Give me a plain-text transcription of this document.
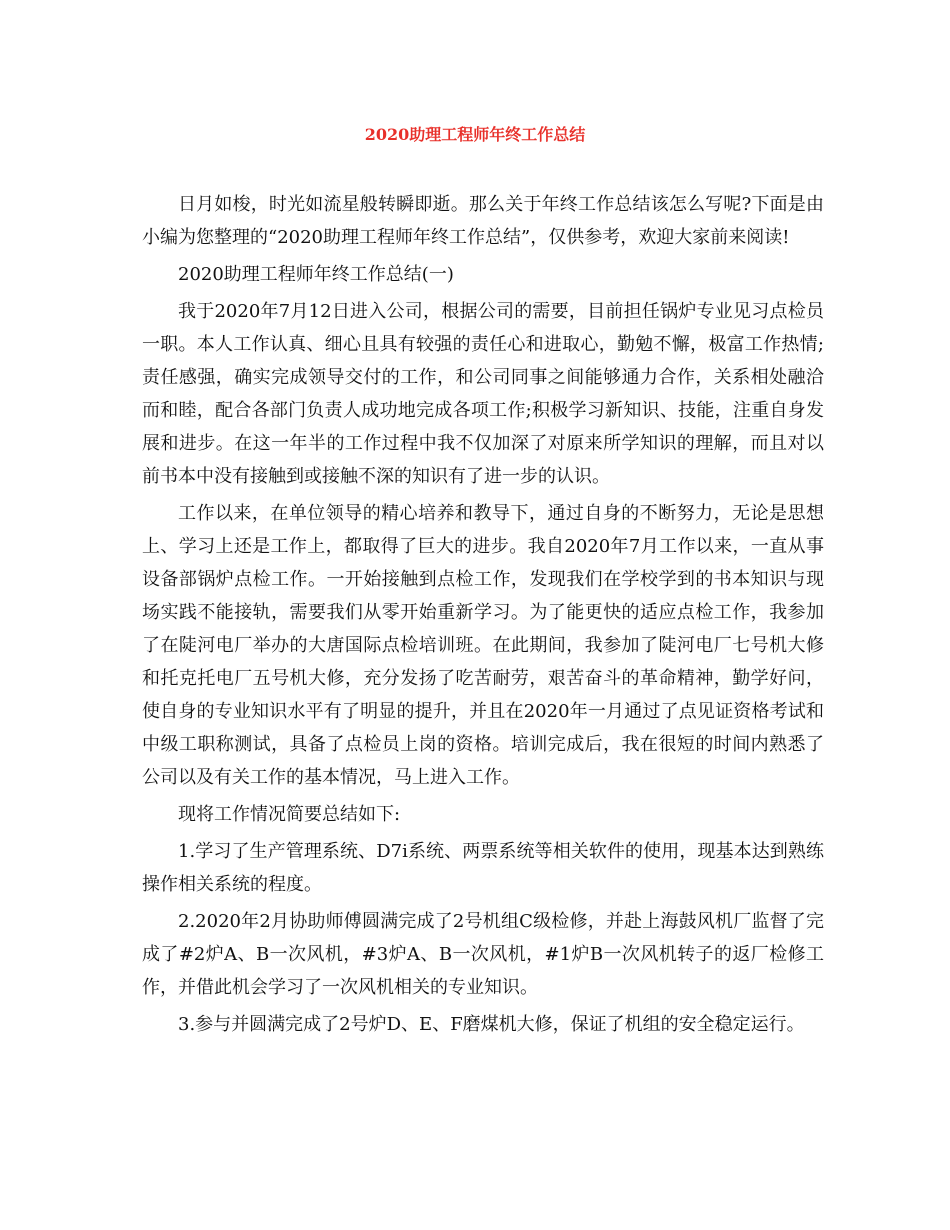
2020助理工程师年终工作总结

日月如梭，时光如流星般转瞬即逝。那么关于年终工作总结该怎么写呢?下面是由小编为您整理的“2020助理工程师年终工作总结”，仅供参考，欢迎大家前来阅读!

2020助理工程师年终工作总结(一)

我于2020年7月12日进入公司，根据公司的需要，目前担任锅炉专业见习点检员一职。本人工作认真、细心且具有较强的责任心和进取心，勤勉不懈，极富工作热情;责任感强，确实完成领导交付的工作，和公司同事之间能够通力合作，关系相处融洽而和睦，配合各部门负责人成功地完成各项工作;积极学习新知识、技能，注重自身发展和进步。在这一年半的工作过程中我不仅加深了对原来所学知识的理解，而且对以前书本中没有接触到或接触不深的知识有了进一步的认识。

工作以来，在单位领导的精心培养和教导下，通过自身的不断努力，无论是思想上、学习上还是工作上，都取得了巨大的进步。我自2020年7月工作以来，一直从事设备部锅炉点检工作。一开始接触到点检工作，发现我们在学校学到的书本知识与现场实践不能接轨，需要我们从零开始重新学习。为了能更快的适应点检工作，我参加了在陡河电厂举办的大唐国际点检培训班。在此期间，我参加了陡河电厂七号机大修和托克托电厂五号机大修，充分发扬了吃苦耐劳，艰苦奋斗的革命精神，勤学好问，使自身的专业知识水平有了明显的提升，并且在2020年一月通过了点见证资格考试和中级工职称测试，具备了点检员上岗的资格。培训完成后，我在很短的时间内熟悉了公司以及有关工作的基本情况，马上进入工作。

现将工作情况简要总结如下:

1.学习了生产管理系统、D7i系统、两票系统等相关软件的使用，现基本达到熟练操作相关系统的程度。

2.2020年2月协助师傅圆满完成了2号机组C级检修，并赴上海鼓风机厂监督了完成了#2炉A、B一次风机，#3炉A、B一次风机，#1炉B一次风机转子的返厂检修工作，并借此机会学习了一次风机相关的专业知识。

3.参与并圆满完成了2号炉D、E、F磨煤机大修，保证了机组的安全稳定运行。
